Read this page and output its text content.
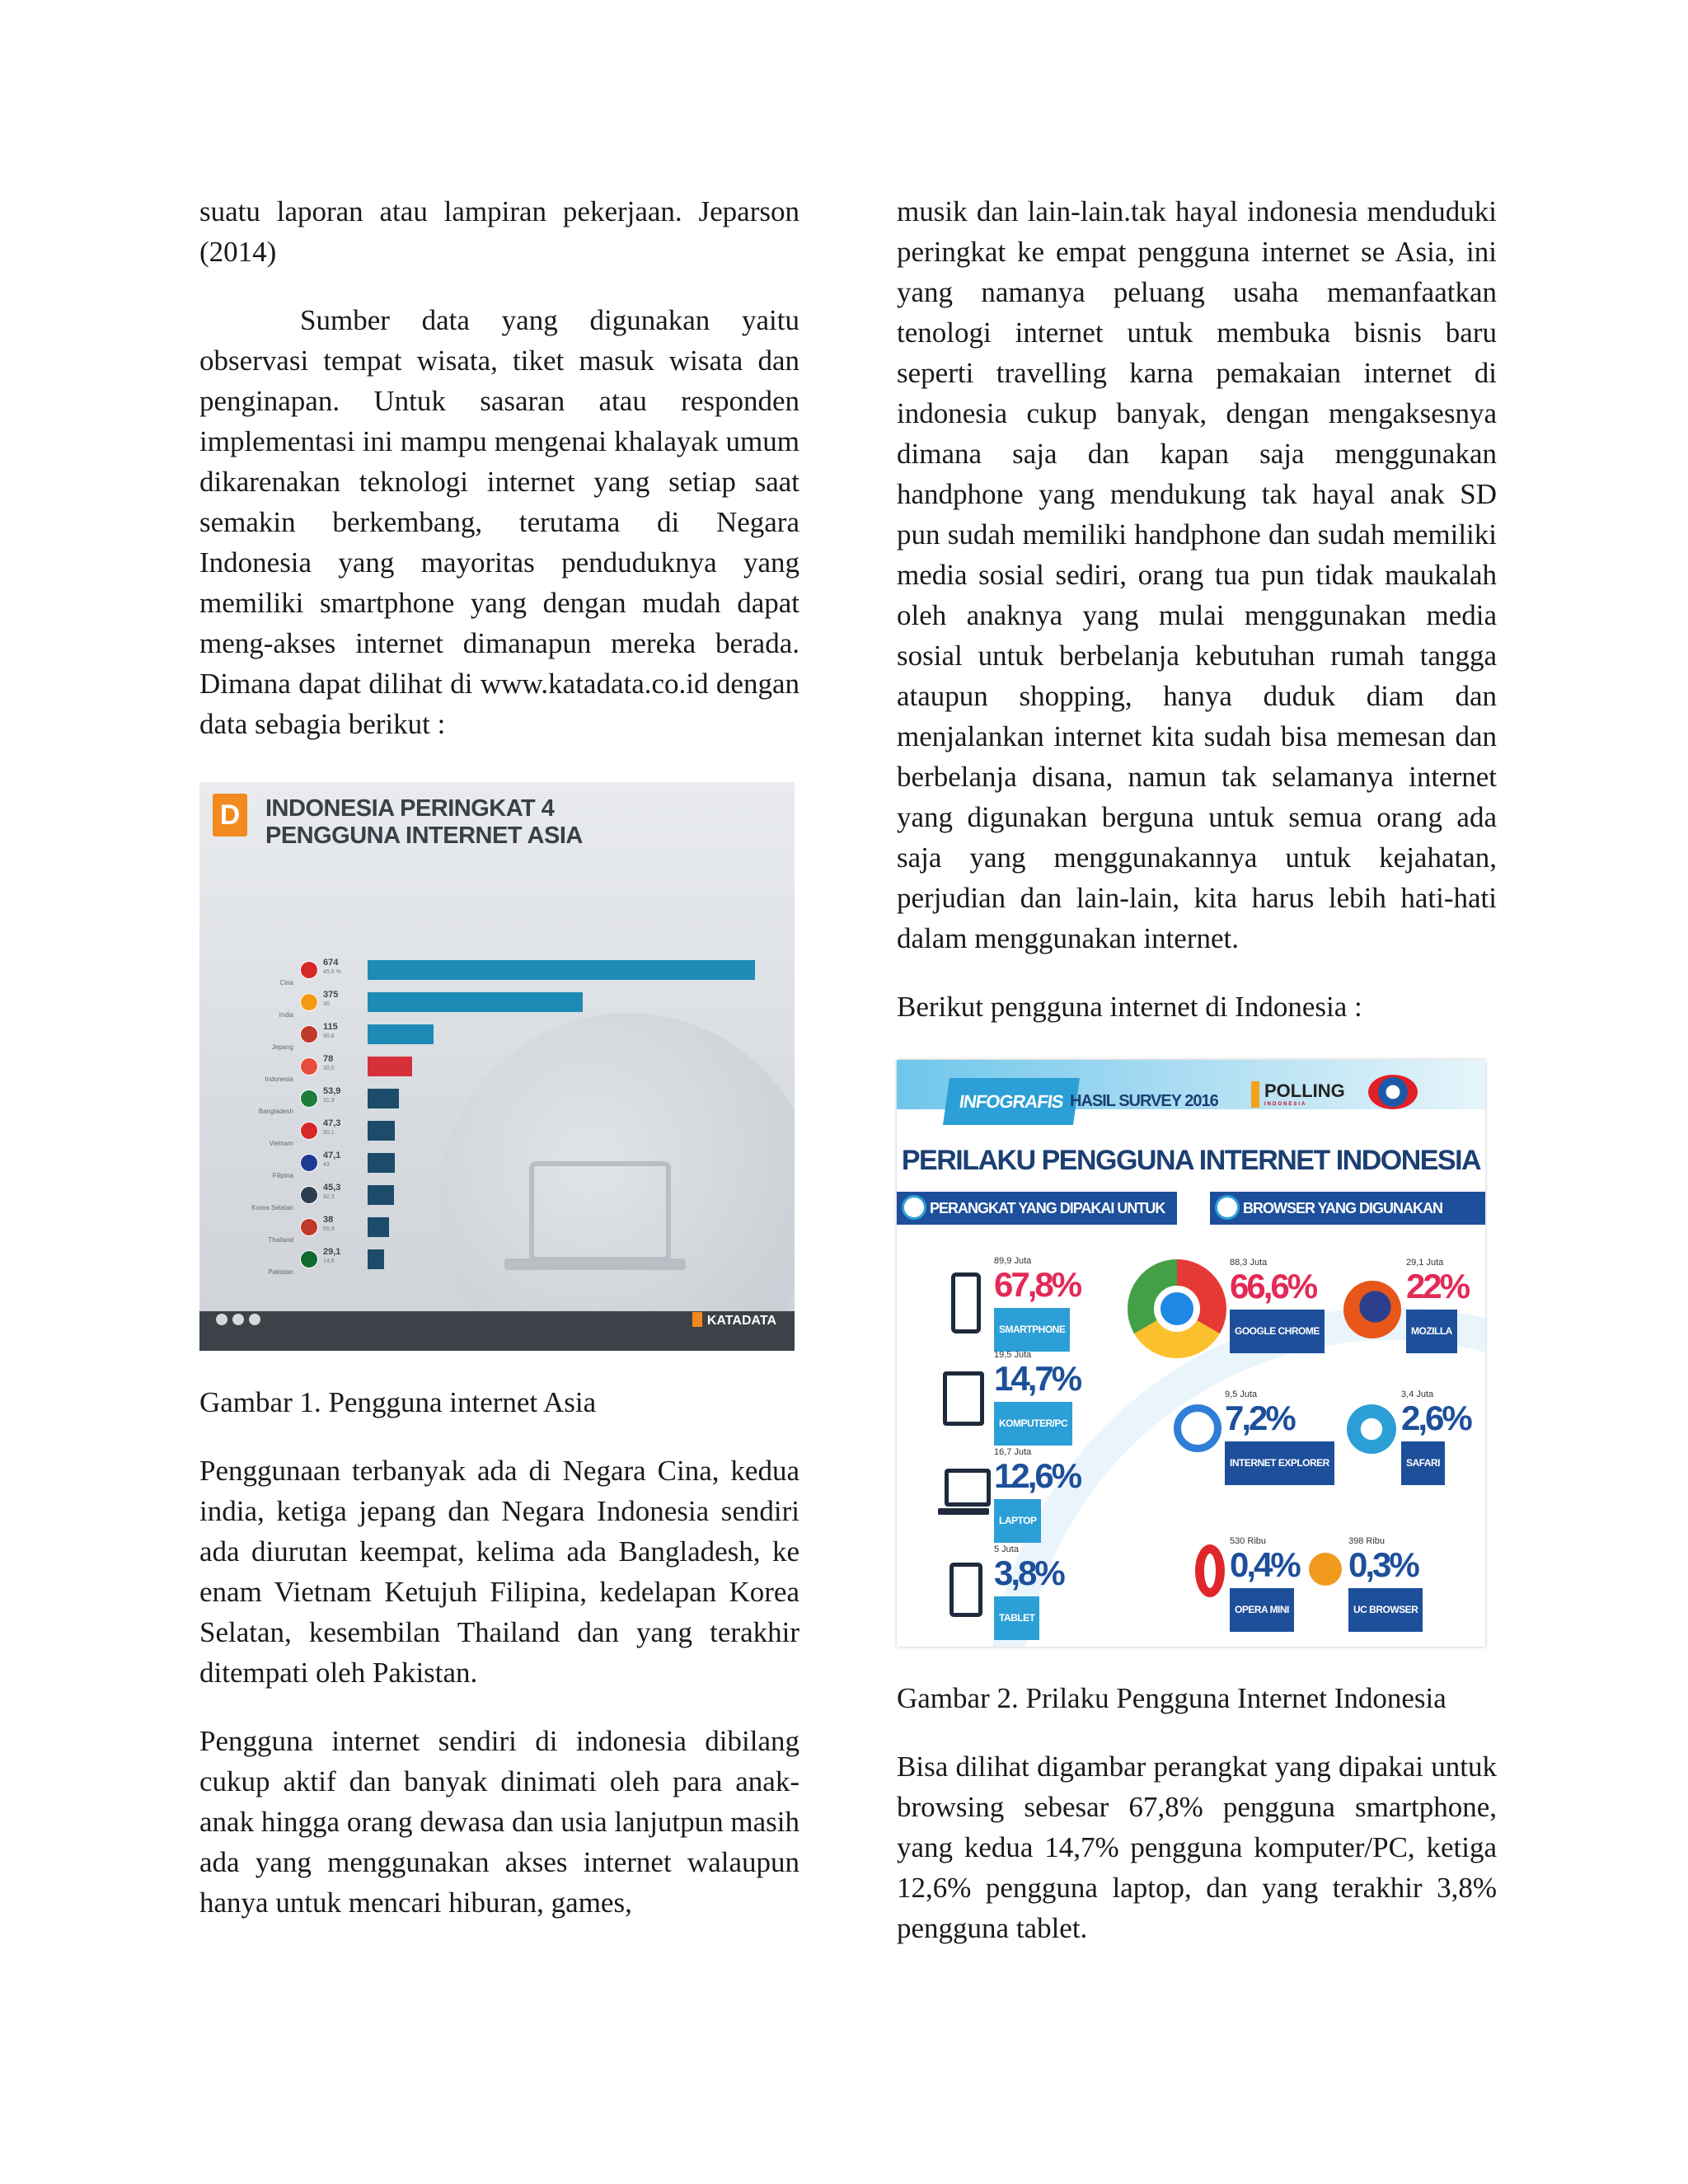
suatu laporan atau lampiran pekerjaan. Jeparson (2014)

Sumber data yang digunakan yaitu observasi tempat wisata, tiket masuk wisata dan penginapan. Untuk sasaran atau responden implementasi ini mampu mengenai khalayak umum dikarenakan teknologi internet yang setiap saat semakin berkembang, terutama di Negara Indonesia yang mayoritas penduduknya yang memiliki smartphone yang dengan mudah dapat meng-akses internet dimanapun mereka berada. Dimana dapat dilihat di www.katadata.co.id dengan data sebagia berikut :

D	INDONESIA PERINGKAT 4
PENGGUNA INTERNET ASIA
Cina
674
45,5 %
India
375
30
Jepang
115
90,8
Indonesia
78
30,5
Bangladesh
53,9
31,9
Vietnam
47,3
50,1
Filipina
47,1
43
Korea Selatan
45,3
92,3
Thailand
38
55,9
Pakistan
29,1
14,6
KATADATA

Gambar 1. Pengguna internet Asia

Penggunaan terbanyak ada di Negara Cina, kedua india, ketiga jepang dan Negara Indonesia sendiri ada diurutan keempat, kelima ada Bangladesh, ke enam Vietnam Ketujuh Filipina, kedelapan Korea Selatan, kesembilan Thailand dan yang terakhir ditempati oleh Pakistan.

Pengguna internet sendiri di indonesia dibilang cukup aktif dan banyak dinimati oleh para anak-anak hingga orang dewasa dan usia lanjutpun masih ada yang menggunakan akses internet walaupun hanya untuk mencari hiburan, games,

musik dan lain-lain.tak hayal indonesia menduduki peringkat ke empat pengguna internet se Asia, ini yang namanya peluang usaha memanfaatkan tenologi internet untuk membuka bisnis baru seperti travelling karna pemakaian internet di indonesia cukup banyak, dengan mengaksesnya dimana saja dan kapan saja menggunakan handphone yang mendukung tak hayal anak SD pun sudah memiliki handphone dan sudah memiliki media sosial sediri, orang tua pun tidak maukalah oleh anaknya yang mulai menggunakan media sosial untuk berbelanja kebutuhan rumah tangga ataupun shopping, hanya duduk diam dan menjalankan internet kita sudah bisa memesan dan berbelanja disana, namun tak selamanya internet yang digunakan berguna untuk semua orang ada saja yang menggunakannya untuk kejahatan, perjudian dan lain-lain, kita harus lebih hati-hati dalam menggunakan internet.

Berikut pengguna internet di Indonesia :

INFOGRAFIS HASIL SURVEY 2016	POLLING
INDONESIA
PERILAKU PENGGUNA INTERNET INDONESIA
PERANGKAT YANG DIPAKAI UNTUK BROWSING
BROWSER YANG DIGUNAKAN
89,9 Juta
67,8%
SMARTPHONE
19,5 Juta
14,7%
KOMPUTER/PC
16,7 Juta
12,6%
LAPTOP
5 Juta
3,8%
TABLET
88,3 Juta
66,6%
GOOGLE CHROME
29,1 Juta
22%
MOZILLA
9,5 Juta
7,2%
INTERNET EXPLORER
3,4 Juta
2,6%
SAFARI
530 Ribu
0,4%
OPERA MINI
398 Ribu
0,3%
UC BROWSER

Gambar 2. Prilaku Pengguna Internet Indonesia

Bisa dilihat digambar perangkat yang dipakai untuk browsing sebesar 67,8% pengguna smartphone, yang kedua 14,7% pengguna komputer/PC, ketiga 12,6% pengguna laptop, dan yang terakhir 3,8% pengguna tablet.
